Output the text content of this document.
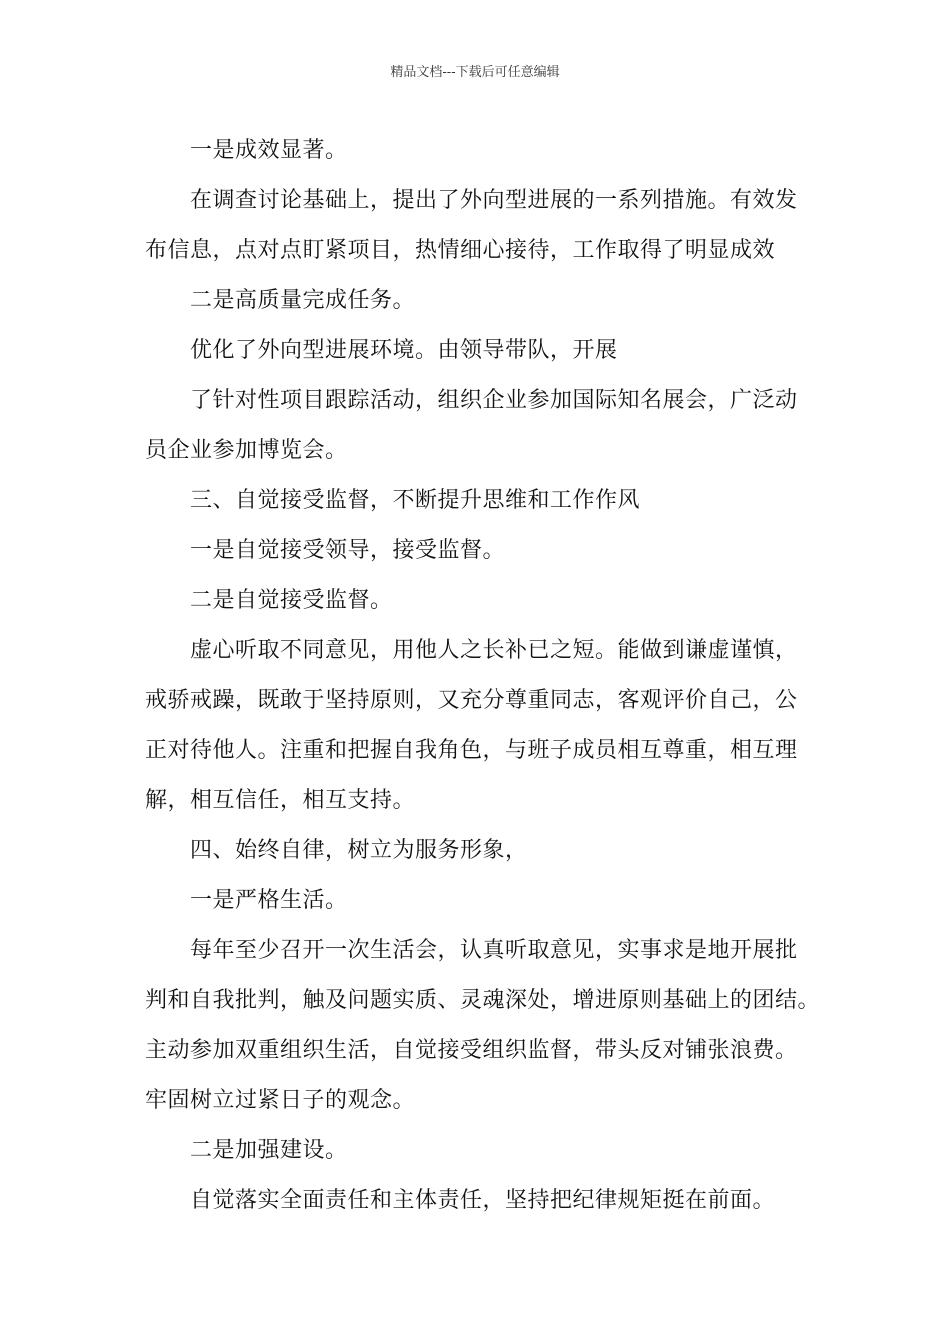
精品文档---下载后可任意编辑
一是成效显著。
在调查讨论基础上，提出了外向型进展的一系列措施。有效发
布信息，点对点盯紧项目，热情细心接待，工作取得了明显成效
二是高质量完成任务。
优化了外向型进展环境。由领导带队，开展
了针对性项目跟踪活动，组织企业参加国际知名展会，广泛动
员企业参加博览会。
三、自觉接受监督，不断提升思维和工作作风
一是自觉接受领导，接受监督。
二是自觉接受监督。
虚心听取不同意见，用他人之长补已之短。能做到谦虚谨慎，
戒骄戒躁，既敢于坚持原则，又充分尊重同志，客观评价自己，公
正对待他人。注重和把握自我角色，与班子成员相互尊重，相互理
解，相互信任，相互支持。
四、始终自律，树立为服务形象，
一是严格生活。
每年至少召开一次生活会，认真听取意见，实事求是地开展批
判和自我批判，触及问题实质、灵魂深处，增进原则基础上的团结。
主动参加双重组织生活，自觉接受组织监督，带头反对铺张浪费。
牢固树立过紧日子的观念。
二是加强建设。
自觉落实全面责任和主体责任，坚持把纪律规矩挺在前面。
